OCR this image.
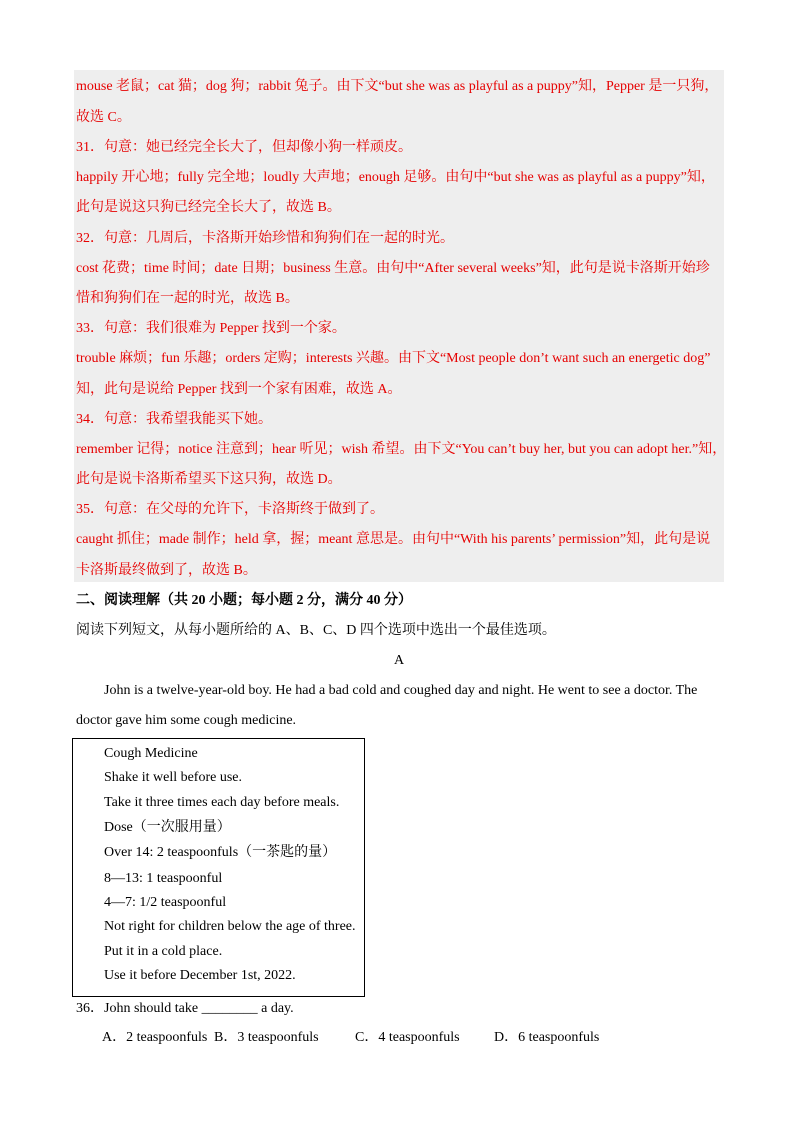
mouse 老鼠；cat 猫；dog 狗；rabbit 兔子。由下文“but she was as playful as a puppy”知，Pepper 是一只狗，
故选 C。
31．句意：她已经完全长大了，但却像小狗一样顽皮。
happily 开心地；fully 完全地；loudly 大声地；enough 足够。由句中“but she was as playful as a puppy”知，
此句是说这只狗已经完全长大了，故选 B。
32．句意：几周后，卡洛斯开始珍惜和狗狗们在一起的时光。
cost 花费；time 时间；date 日期；business 生意。由句中“After several weeks”知，此句是说卡洛斯开始珍
惜和狗狗们在一起的时光，故选 B。
33．句意：我们很难为 Pepper 找到一个家。
trouble 麻烦；fun 乐趣；orders 定购；interests 兴趣。由下文“Most people don’t want such an energetic dog”
知，此句是说给 Pepper 找到一个家有困难，故选 A。
34．句意：我希望我能买下她。
remember 记得；notice 注意到；hear 听见；wish 希望。由下文“You can’t buy her, but you can adopt her.”知，
此句是说卡洛斯希望买下这只狗，故选 D。
35．句意：在父母的允许下，卡洛斯终于做到了。
caught 抓住；made 制作；held 拿，握；meant 意思是。由句中“With his parents’ permission”知，此句是说
卡洛斯最终做到了，故选 B。
二、阅读理解（共 20 小题；每小题 2 分，满分 40 分）
阅读下列短文，从每小题所给的 A、B、C、D 四个选项中选出一个最佳选项。
A
John is a twelve-year-old boy. He had a bad cold and coughed day and night. He went to see a doctor. The
doctor gave him some cough medicine.
Cough Medicine
Shake it well before use.
Take it three times each day before meals.
Dose（一次服用量）
Over 14: 2 teaspoonfuls（一茶匙的量）
8—13: 1 teaspoonful
4—7: 1/2 teaspoonful
Not right for children below the age of three.
Put it in a cold place.
Use it before December 1st, 2022.
36．John should take ________ a day.
A．2 teaspoonfuls B．3 teaspoonfuls	C．4 teaspoonfuls D．6 teaspoonfuls
